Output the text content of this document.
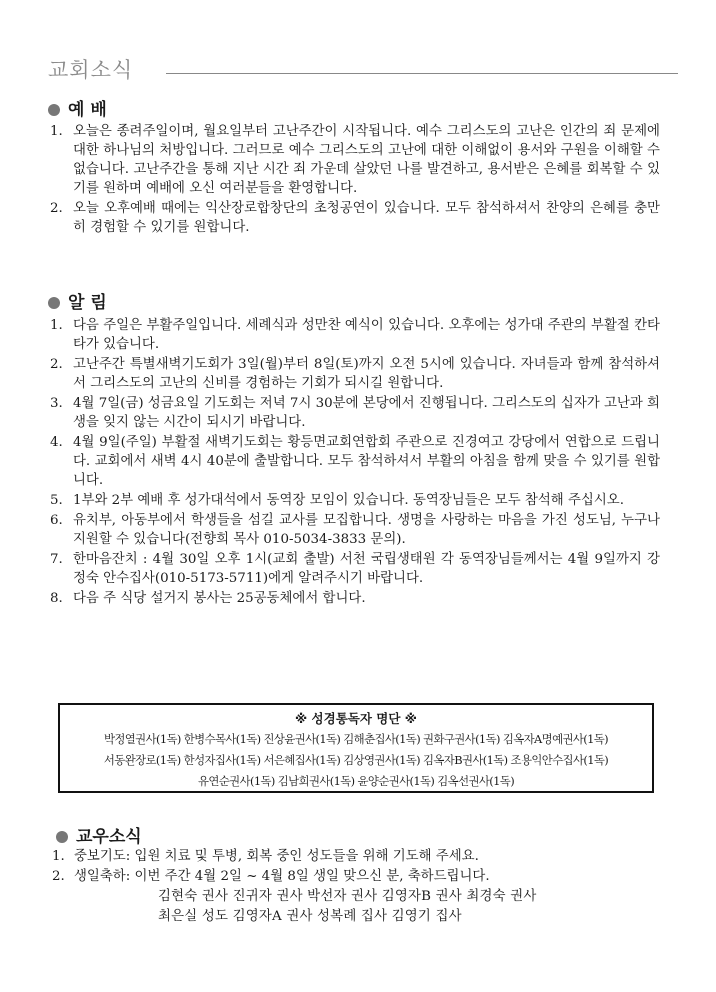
교회소식
예 배
1. 오늘은 종려주일이며, 월요일부터 고난주간이 시작됩니다. 예수 그리스도의 고난은 인간의 죄 문제에 대한 하나님의 처방입니다. 그러므로 예수 그리스도의 고난에 대한 이해없이 용서와 구원을 이해할 수 없습니다. 고난주간을 통해 지난 시간 죄 가운데 살았던 나를 발견하고, 용서받은 은혜를 회복할 수 있기를 원하며 예배에 오신 여러분들을 환영합니다.
2. 오늘 오후예배 때에는 익산장로합창단의 초청공연이 있습니다. 모두 참석하셔서 찬양의 은혜를 충만히 경험할 수 있기를 원합니다.
알 림
1. 다음 주일은 부활주일입니다. 세례식과 성만찬 예식이 있습니다. 오후에는 성가대 주관의 부활절 칸타타가 있습니다.
2. 고난주간 특별새벽기도회가 3일(월)부터 8일(토)까지 오전 5시에 있습니다. 자녀들과 함께 참석하셔서 그리스도의 고난의 신비를 경험하는 기회가 되시길 원합니다.
3. 4월 7일(금) 성금요일 기도회는 저녁 7시 30분에 본당에서 진행됩니다. 그리스도의 십자가 고난과 희생을 잊지 않는 시간이 되시기 바랍니다.
4. 4월 9일(주일) 부활절 새벽기도회는 황등면교회연합회 주관으로 진경여고 강당에서 연합으로 드립니다. 교회에서 새벽 4시 40분에 출발합니다. 모두 참석하셔서 부활의 아침을 함께 맞을 수 있기를 원합니다.
5. 1부와 2부 예배 후 성가대석에서 동역장 모임이 있습니다. 동역장님들은 모두 참석해 주십시오.
6. 유치부, 아동부에서 학생들을 섬길 교사를 모집합니다. 생명을 사랑하는 마음을 가진 성도님, 누구나 지원할 수 있습니다(전향희 목사 010-5034-3833 문의).
7. 한마음잔치 : 4월 30일 오후 1시(교회 출발) 서천 국립생태원 각 동역장님들께서는 4월 9일까지 강정숙 안수집사(010-5173-5711)에게 알려주시기 바랍니다.
8. 다음 주 식당 설거지 봉사는 25공동체에서 합니다.
※ 성경통독자 명단 ※
박정열권사(1독) 한병수목사(1독) 진상윤권사(1독) 김해춘집사(1독) 권화구권사(1독) 김옥자A명예권사(1독)
서동완장로(1독) 한성자집사(1독) 서은혜집사(1독) 김상영권사(1독) 김옥자B권사(1독) 조용익안수집사(1독)
유연순권사(1독) 김남희권사(1독) 윤양순권사(1독) 김옥선권사(1독)
교우소식
1. 중보기도: 입원 치료 및 투병, 회복 중인 성도들을 위해 기도해 주세요.
2. 생일축하: 이번 주간 4월 2일 ~ 4월 8일 생일 맞으신 분, 축하드립니다.
김현숙 권사 진귀자 권사 박선자 권사 김영자B 권사 최경숙 권사
최은실 성도 김영자A 권사 성복례 집사 김영기 집사
